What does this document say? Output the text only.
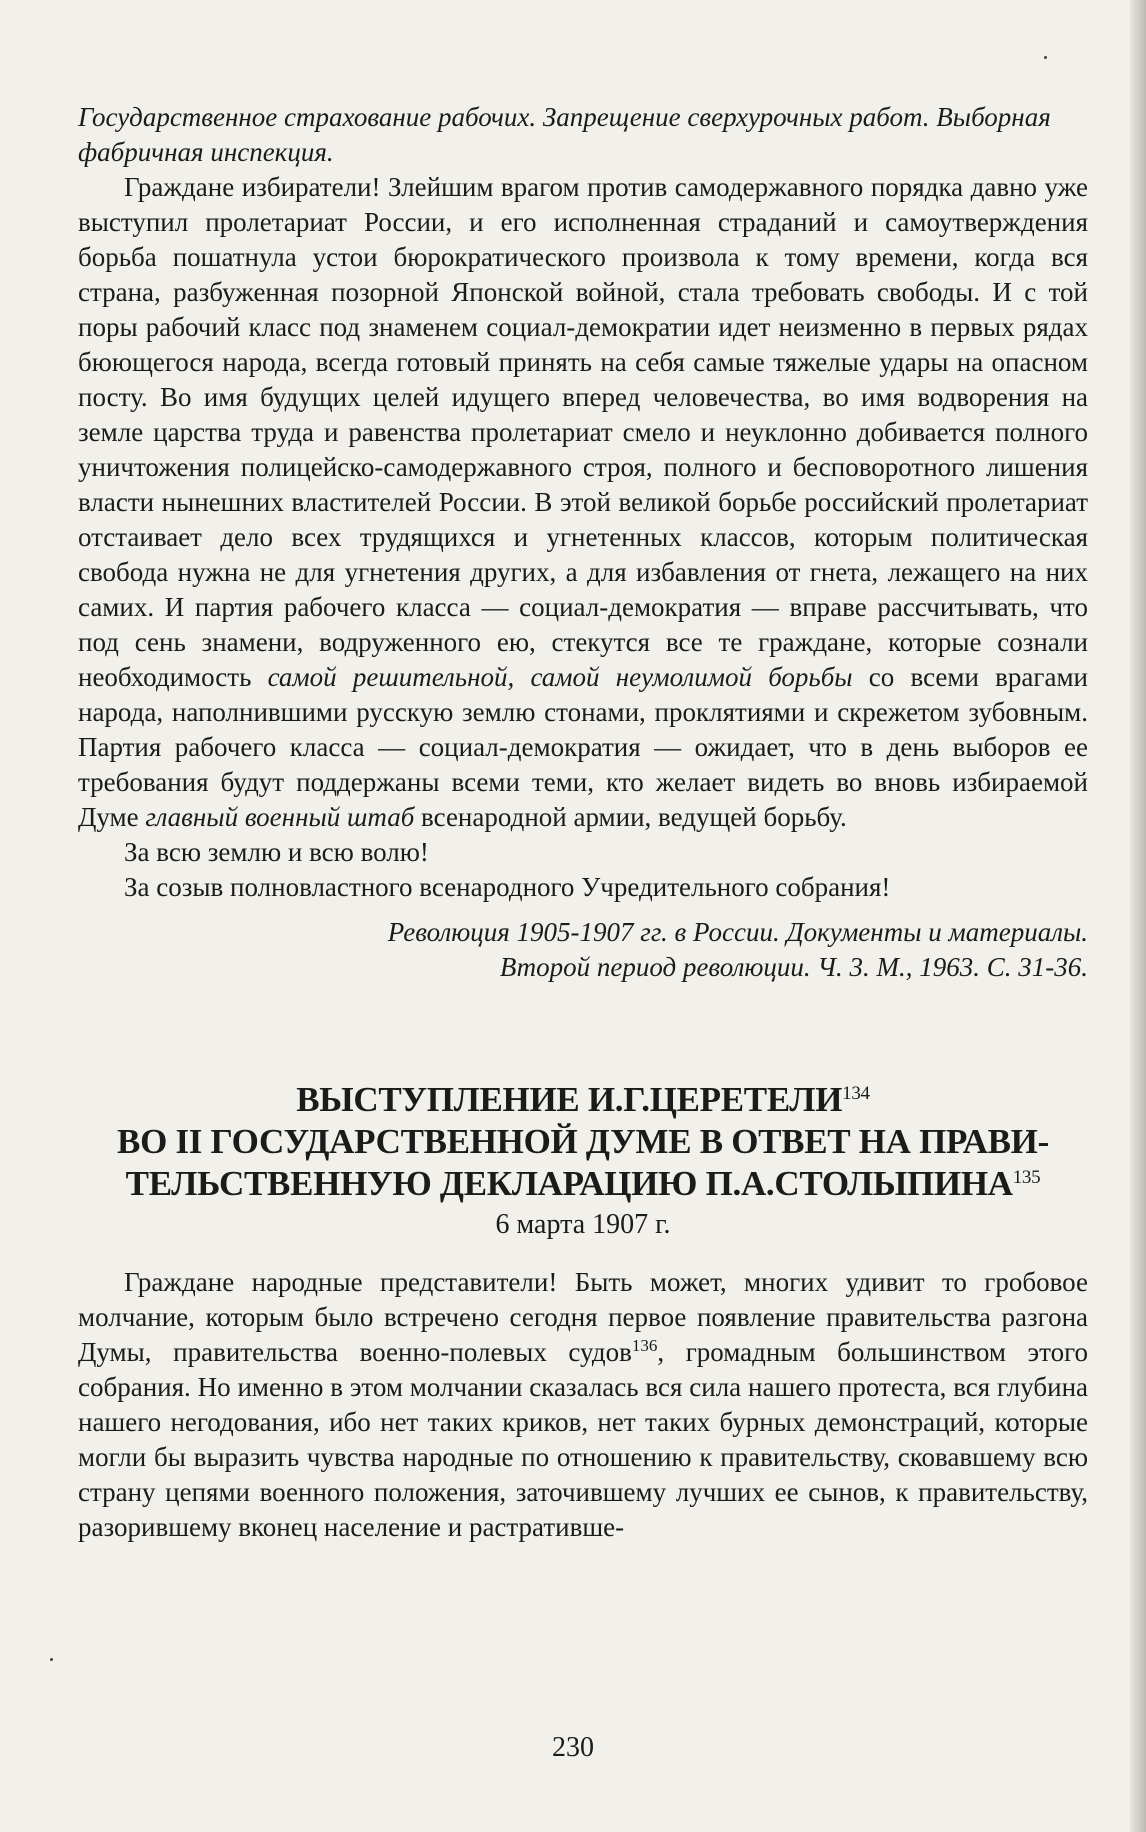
Государственное страхование рабочих. Запрещение сверхурочных работ. Выборная фабричная инспекция.

Граждане избиратели! Злейшим врагом против самодержавного порядка давно уже выступил пролетариат России, и его исполненная страданий и самоутверждения борьба пошатнула устои бюрократического произвола к тому времени, когда вся страна, разбуженная позорной Японской войной, стала требовать свободы. И с той поры рабочий класс под знаменем социал-демократии идет неизменно в первых рядах бюющегося народа, всегда готовый принять на себя самые тяжелые удары на опасном посту. Во имя будущих целей идущего вперед человечества, во имя водворения на земле царства труда и равенства пролетариат смело и неуклонно добивается полного уничтожения полицейско-самодержавного строя, полного и бесповоротного лишения власти нынешних властителей России. В этой великой борьбе российский пролетариат отстаивает дело всех трудящихся и угнетенных классов, которым политическая свобода нужна не для угнетения других, а для избавления от гнета, лежащего на них самих. И партия рабочего класса — социал-демократия — вправе рассчитывать, что под сень знамени, водруженного ею, стекутся все те граждане, которые сознали необходимость самой решительной, самой неумолимой борьбы со всеми врагами народа, наполнившими русскую землю стонами, проклятиями и скрежетом зубовным. Партия рабочего класса — социал-демократия — ожидает, что в день выборов ее требования будут поддержаны всеми теми, кто желает видеть во вновь избираемой Думе главный военный штаб всенародной армии, ведущей борьбу.

За всю землю и всю волю!

За созыв полновластного всенародного Учредительного собрания!

Революция 1905-1907 гг. в России. Документы и материалы.
Второй период революции. Ч. 3. М., 1963. С. 31-36.
ВЫСТУПЛЕНИЕ И.Г.ЦЕРЕТЕЛИ$^{134}$
ВО II ГОСУДАРСТВЕННОЙ ДУМЕ В ОТВЕТ НА ПРАВИ-
ТЕЛЬСТВЕННУЮ ДЕКЛАРАЦИЮ П.А.СТОЛЫПИНА$^{135}$
6 марта 1907 г.

Граждане народные представители! Быть может, многих удивит то гробовое молчание, которым было встречено сегодня первое появление правительства разгона Думы, правительства военно-полевых судов$^{136}$, громадным большинством этого собрания. Но именно в этом молчании сказалась вся сила нашего протеста, вся глубина нашего негодования, ибо нет таких криков, нет таких бурных демонстраций, которые могли бы выразить чувства народные по отношению к правительству, сковавшему всю страну цепями военного положения, заточившему лучших ее сынов, к правительству, разорившему вконец население и растратившe-

230
